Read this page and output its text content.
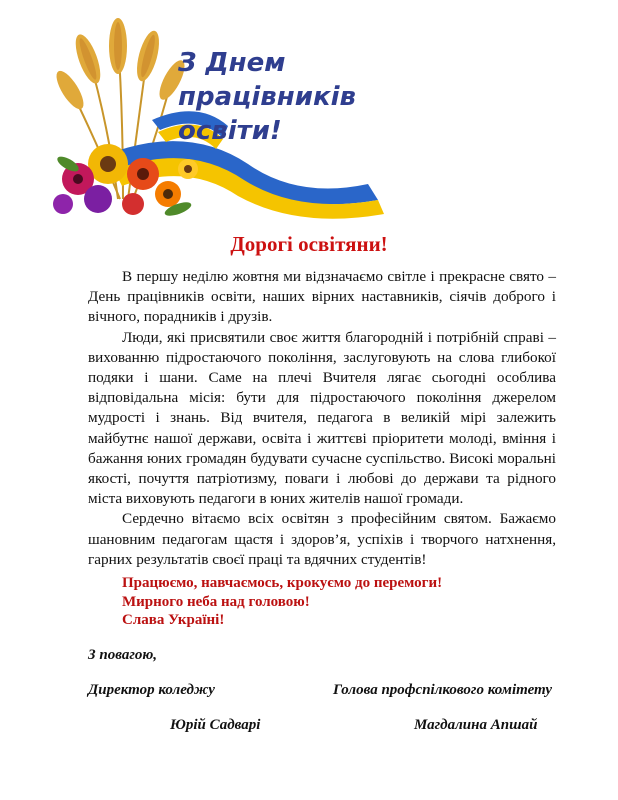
З Днем
працівників
освіти!
Дорогі освітяни!

В першу неділю жовтня ми відзначаємо світле і прекрасне свято – День працівників освіти, наших вірних наставників, сіячів доброго і вічного, порадників і друзів.

Люди, які присвятили своє життя благородній і потрібній справі – вихованню підростаючого покоління, заслуговують на слова глибокої подяки і шани. Саме на плечі Вчителя лягає сьогодні особлива відповідальна місія: бути для підростаючого покоління джерелом мудрості і знань. Від вчителя, педагога в великій мірі залежить майбутнє нашої держави, освіта і життєві пріоритети молоді, вміння і бажання юних громадян будувати сучасне суспільство. Високі моральні якості, почуття патріотизму, поваги і любові до держави та рідного міста виховують педагоги в юних жителів нашої громади.

Сердечно вітаємо всіх освітян з професійним святом. Бажаємо шановним педагогам щастя і здоров’я, успіхів і творчого натхнення, гарних результатів своєї праці та вдячних студентів!

Працюємо, навчаємось, крокуємо до перемоги!
Мирного неба над головою!
Слава Україні!
З повагою,
Директор коледжу	Голова профспілкового комітету
Юрій Садварі	Магдалина Апшай
